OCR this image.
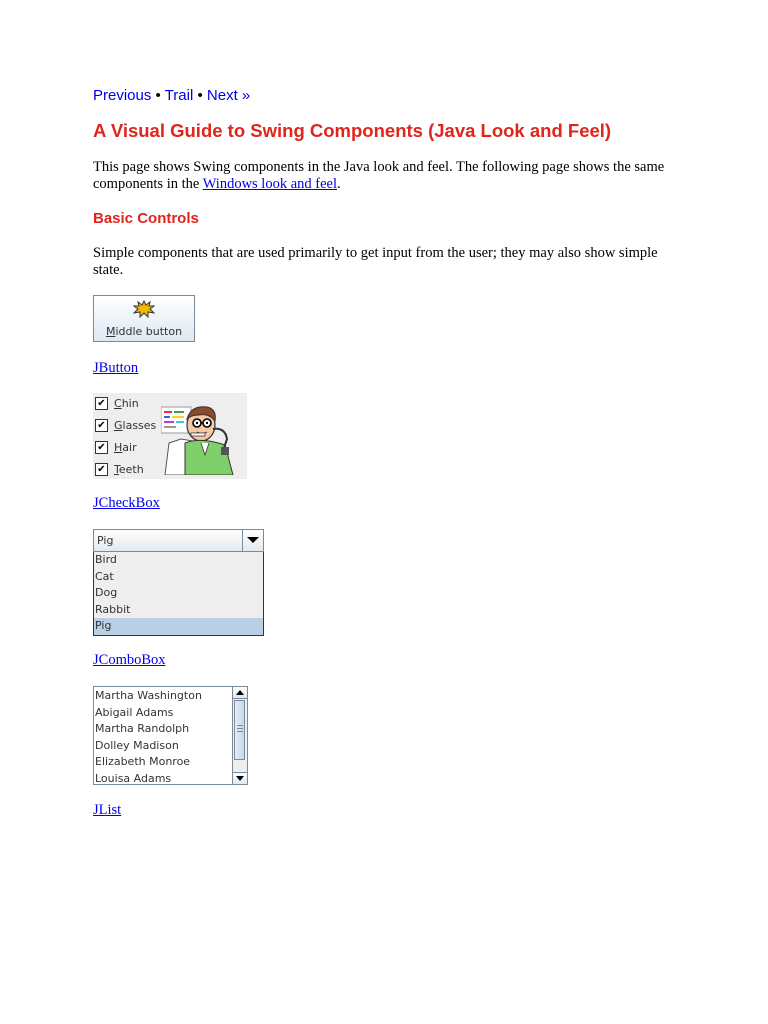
Previous • Trail • Next »
A Visual Guide to Swing Components (Java Look and Feel)

This page shows Swing components in the Java look and feel. The following page shows the same components in the Windows look and feel.

Basic Controls

Simple components that are used primarily to get input from the user; they may also show simple state.

Middle button
JButton
✔ Chin
✔ Glasses
✔ Hair
✔ Teeth
JCheckBox
Pig
Bird
Cat
Dog
Rabbit
Pig
JComboBox
Martha Washington
Abigail Adams
Martha Randolph
Dolley Madison
Elizabeth Monroe
Louisa Adams
JList
